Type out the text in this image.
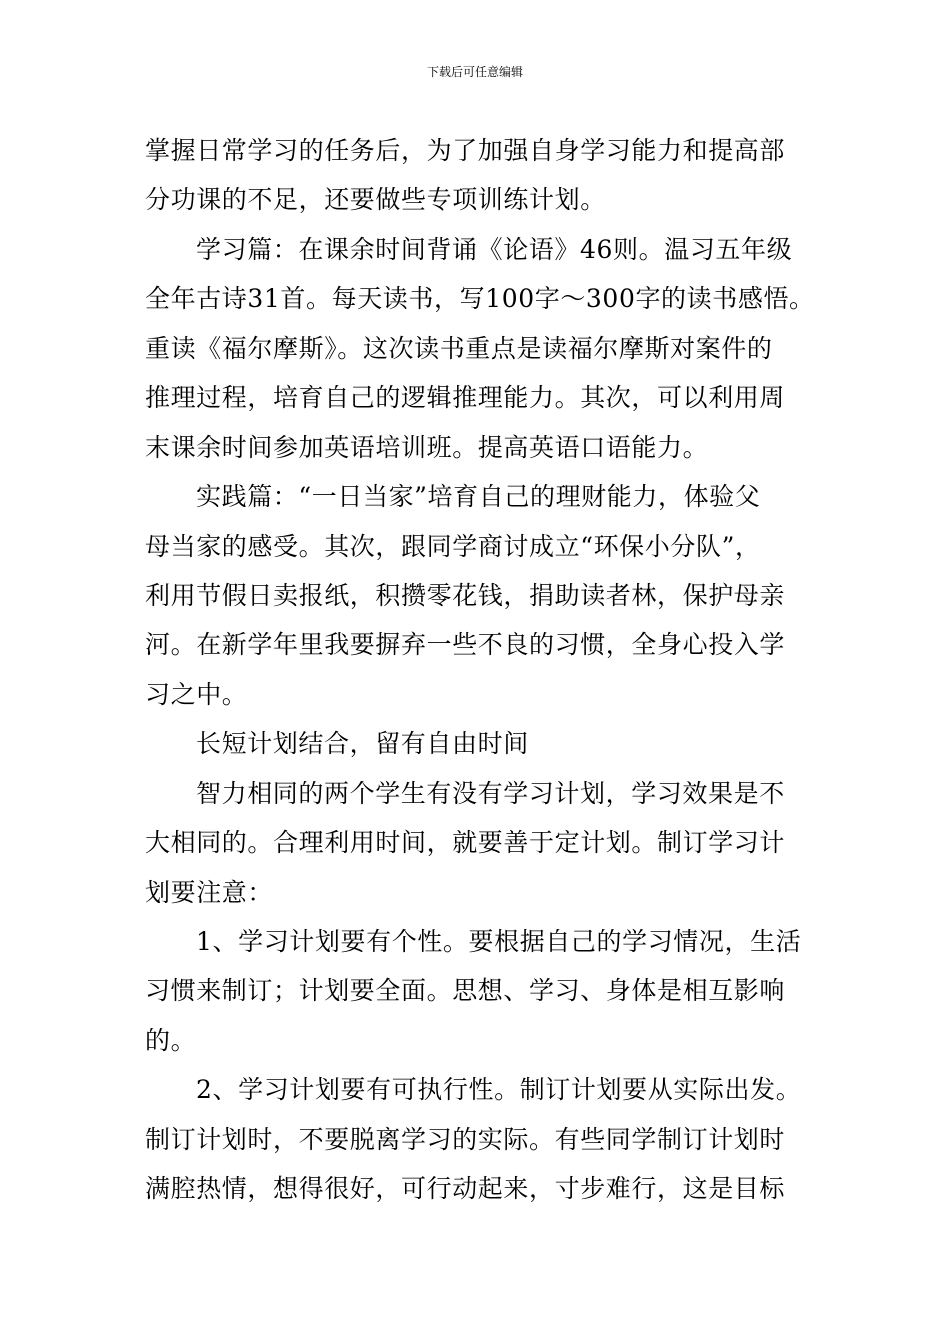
下载后可任意编辑
掌握日常学习的任务后，为了加强自身学习能力和提高部
分功课的不足，还要做些专项训练计划。
学习篇：在课余时间背诵《论语》46则。温习五年级
全年古诗31首。每天读书，写100字～300字的读书感悟。
重读《福尔摩斯》。这次读书重点是读福尔摩斯对案件的
推理过程，培育自己的逻辑推理能力。其次，可以利用周
末课余时间参加英语培训班。提高英语口语能力。
实践篇：“一日当家”培育自己的理财能力，体验父
母当家的感受。其次，跟同学商讨成立“环保小分队”，
利用节假日卖报纸，积攒零花钱，捐助读者林，保护母亲
河。在新学年里我要摒弃一些不良的习惯，全身心投入学
习之中。
长短计划结合，留有自由时间
智力相同的两个学生有没有学习计划，学习效果是不
大相同的。合理利用时间，就要善于定计划。制订学习计
划要注意：
1、学习计划要有个性。要根据自己的学习情况，生活
习惯来制订；计划要全面。思想、学习、身体是相互影响
的。
2、学习计划要有可执行性。制订计划要从实际出发。
制订计划时，不要脱离学习的实际。有些同学制订计划时
满腔热情，想得很好，可行动起来，寸步难行，这是目标
